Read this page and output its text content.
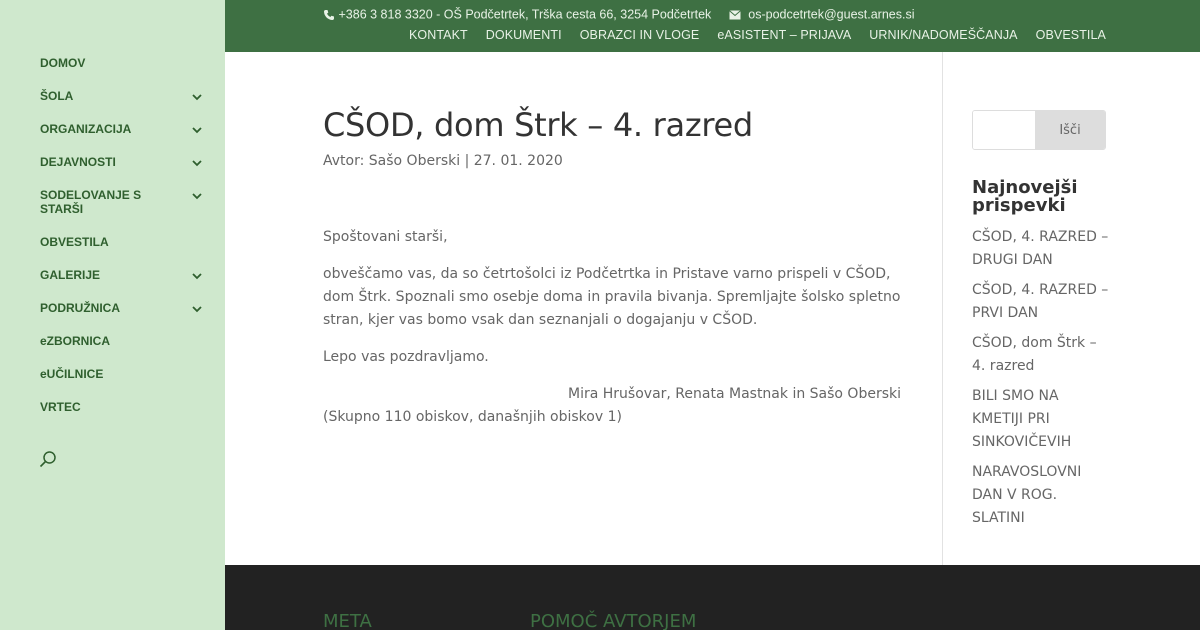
DOMOV
ŠOLA
ORGANIZACIJA
DEJAVNOSTI
SODELOVANJE S STARŠI
OBVESTILA
GALERIJE
PODRUŽNICA
eZBORNICA
eUČILNICE
VRTEC
+386 3 818 3320 - OŠ Podčetrtek, Trška cesta 66, 3254 Podčetrtek	os-podcetrtek@guest.arnes.si
KONTAKT DOKUMENTI OBRAZCI IN VLOGE eASISTENT – PRIJAVA URNIK/NADOMEŠČANJA OBVESTILA
CŠOD, dom Štrk – 4. razred
Avtor: Sašo Oberski | 27. 01. 2020

Spoštovani starši,

obveščamo vas, da so četrtošolci iz Podčetrtka in Pristave varno prispeli v CŠOD, dom Štrk. Spoznali smo osebje doma in pravila bivanja. Spremljajte šolsko spletno stran, kjer vas bomo vsak dan seznanjali o dogajanju v CŠOD.

Lepo vas pozdravljamo.

Mira Hrušovar, Renata Mastnak in Sašo Oberski

(Skupno 110 obiskov, današnjih obiskov 1)

Išči
Najnovejši prispevki
CŠOD, 4. RAZRED – DRUGI DAN
CŠOD, 4. RAZRED – PRVI DAN
CŠOD, dom Štrk – 4. razred
BILI SMO NA KMETIJI PRI SINKOVIČEVIH
NARAVOSLOVNI DAN V ROG. SLATINI
META	POMOČ AVTORJEM
